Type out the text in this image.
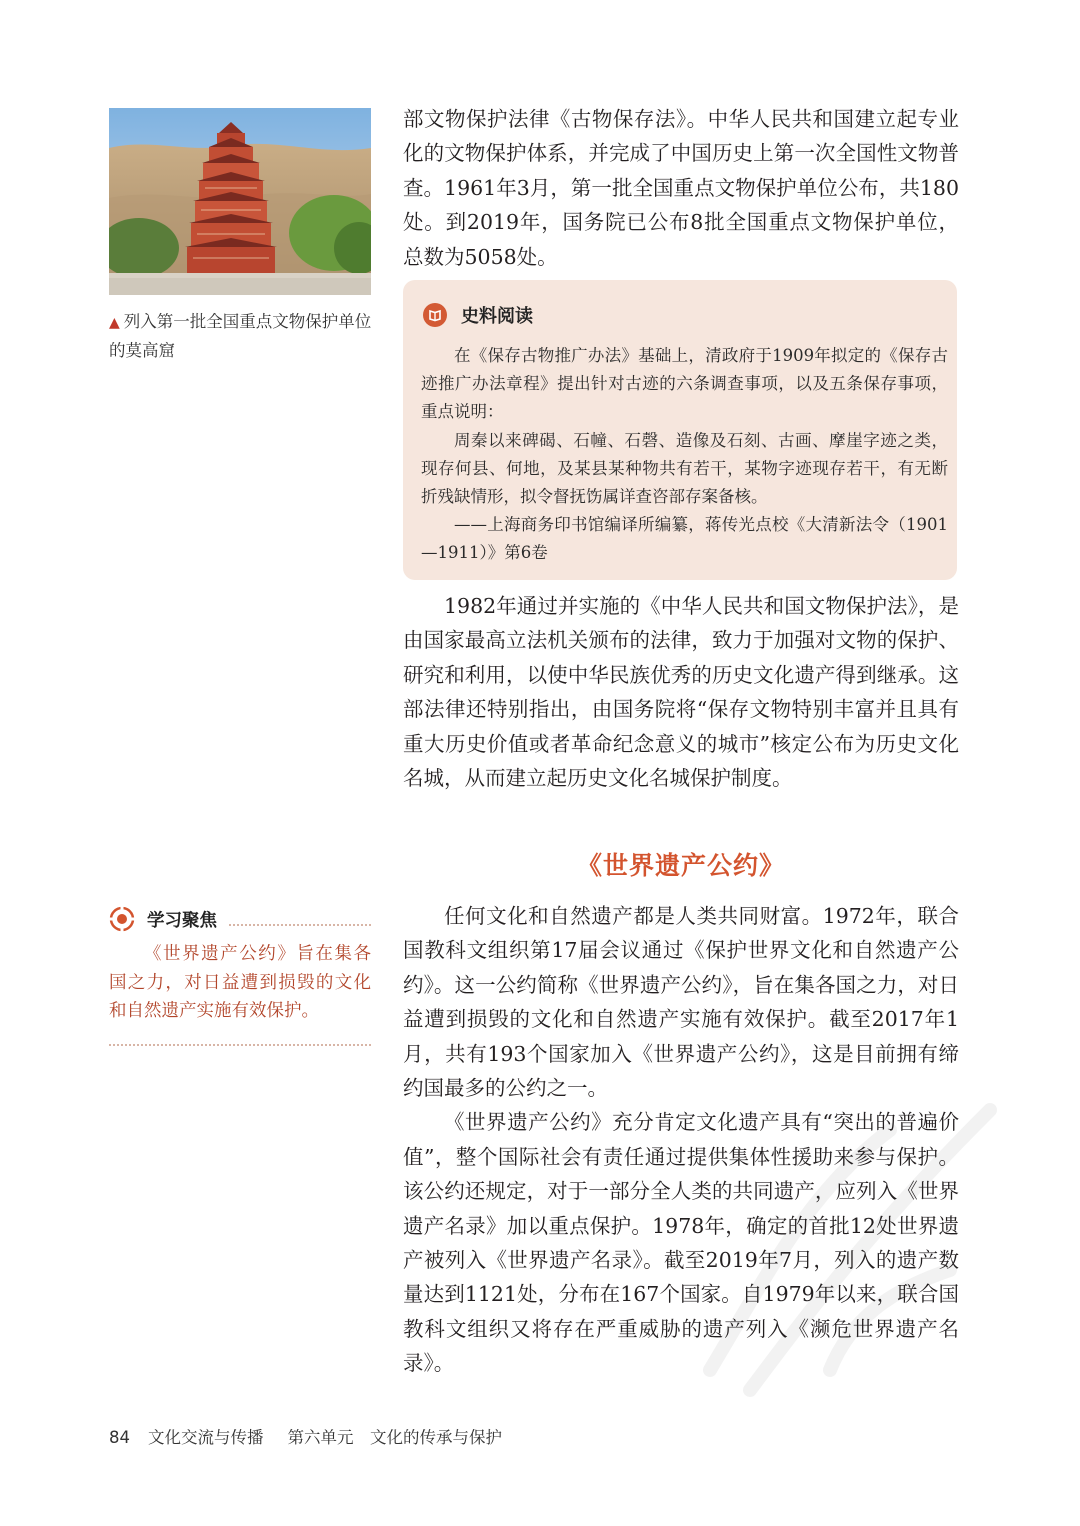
▲ 列入第一批全国重点文物保护单位的莫高窟

部文物保护法律《古物保存法》。中华人民共和国建立起专业化的文物保护体系，并完成了中国历史上第一次全国性文物普查。1961年3月，第一批全国重点文物保护单位公布，共180处。到2019年，国务院已公布8批全国重点文物保护单位，总数为5058处。

史料阅读

在《保存古物推广办法》基础上，清政府于1909年拟定的《保存古迹推广办法章程》提出针对古迹的六条调查事项，以及五条保存事项，重点说明：

周秦以来碑碣、石幢、石磬、造像及石刻、古画、摩崖字迹之类，现存何县、何地，及某县某种物共有若干，某物字迹现存若干，有无断折残缺情形，拟令督抚饬属详查咨部存案备核。

——上海商务印书馆编译所编纂，蒋传光点校《大清新法令（1901—1911）》第6卷

1982年通过并实施的《中华人民共和国文物保护法》，是由国家最高立法机关颁布的法律，致力于加强对文物的保护、研究和利用，以使中华民族优秀的历史文化遗产得到继承。这部法律还特别指出，由国务院将“保存文物特别丰富并且具有重大历史价值或者革命纪念意义的城市”核定公布为历史文化名城，从而建立起历史文化名城保护制度。

《世界遗产公约》
学习聚焦
《世界遗产公约》旨在集各国之力，对日益遭到损毁的文化和自然遗产实施有效保护。

任何文化和自然遗产都是人类共同财富。1972年，联合国教科文组织第17届会议通过《保护世界文化和自然遗产公约》。这一公约简称《世界遗产公约》，旨在集各国之力，对日益遭到损毁的文化和自然遗产实施有效保护。截至2017年1月，共有193个国家加入《世界遗产公约》，这是目前拥有缔约国最多的公约之一。

《世界遗产公约》充分肯定文化遗产具有“突出的普遍价值”，整个国际社会有责任通过提供集体性援助来参与保护。该公约还规定，对于一部分全人类的共同遗产，应列入《世界遗产名录》加以重点保护。1978年，确定的首批12处世界遗产被列入《世界遗产名录》。截至2019年7月，列入的遗产数量达到1121处，分布在167个国家。自1979年以来，联合国教科文组织又将存在严重威胁的遗产列入《濒危世界遗产名录》。

84 文化交流与传播 第六单元　文化的传承与保护
